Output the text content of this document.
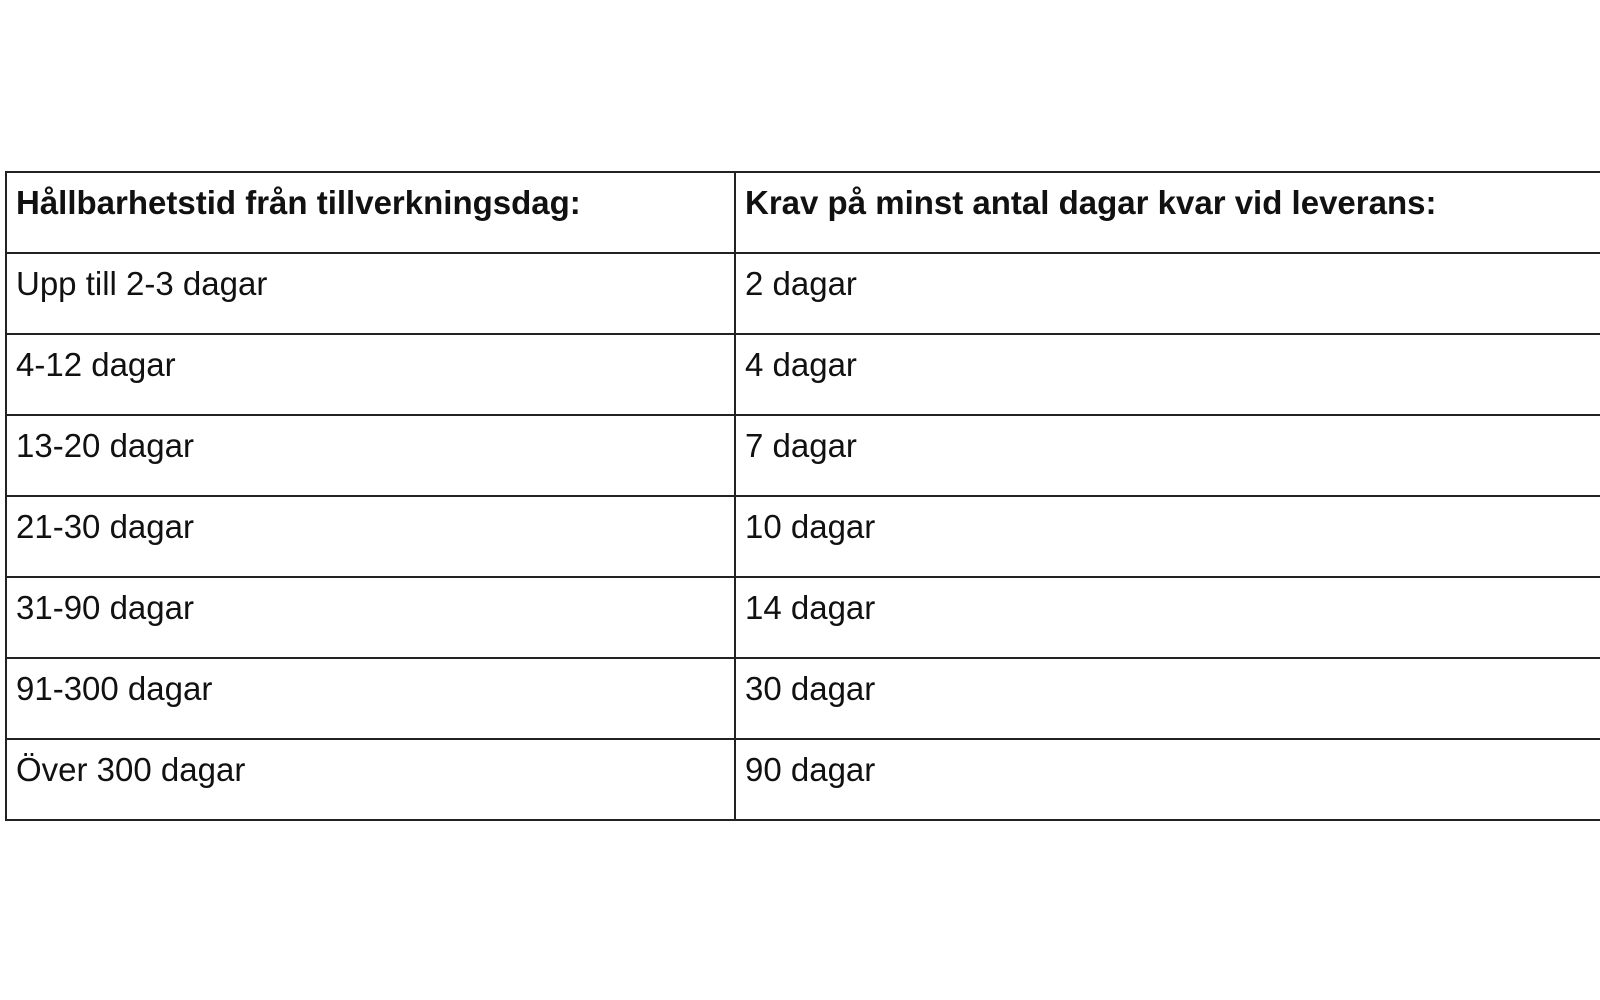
Hållbarhetstid från tillverkningsdag:	Krav på minst antal dagar kvar vid leverans:
Upp till 2-3 dagar	2 dagar
4-12 dagar	4 dagar
13-20 dagar	7 dagar
21-30 dagar	10 dagar
31-90 dagar	14 dagar
91-300 dagar	30 dagar
Över 300 dagar	90 dagar
